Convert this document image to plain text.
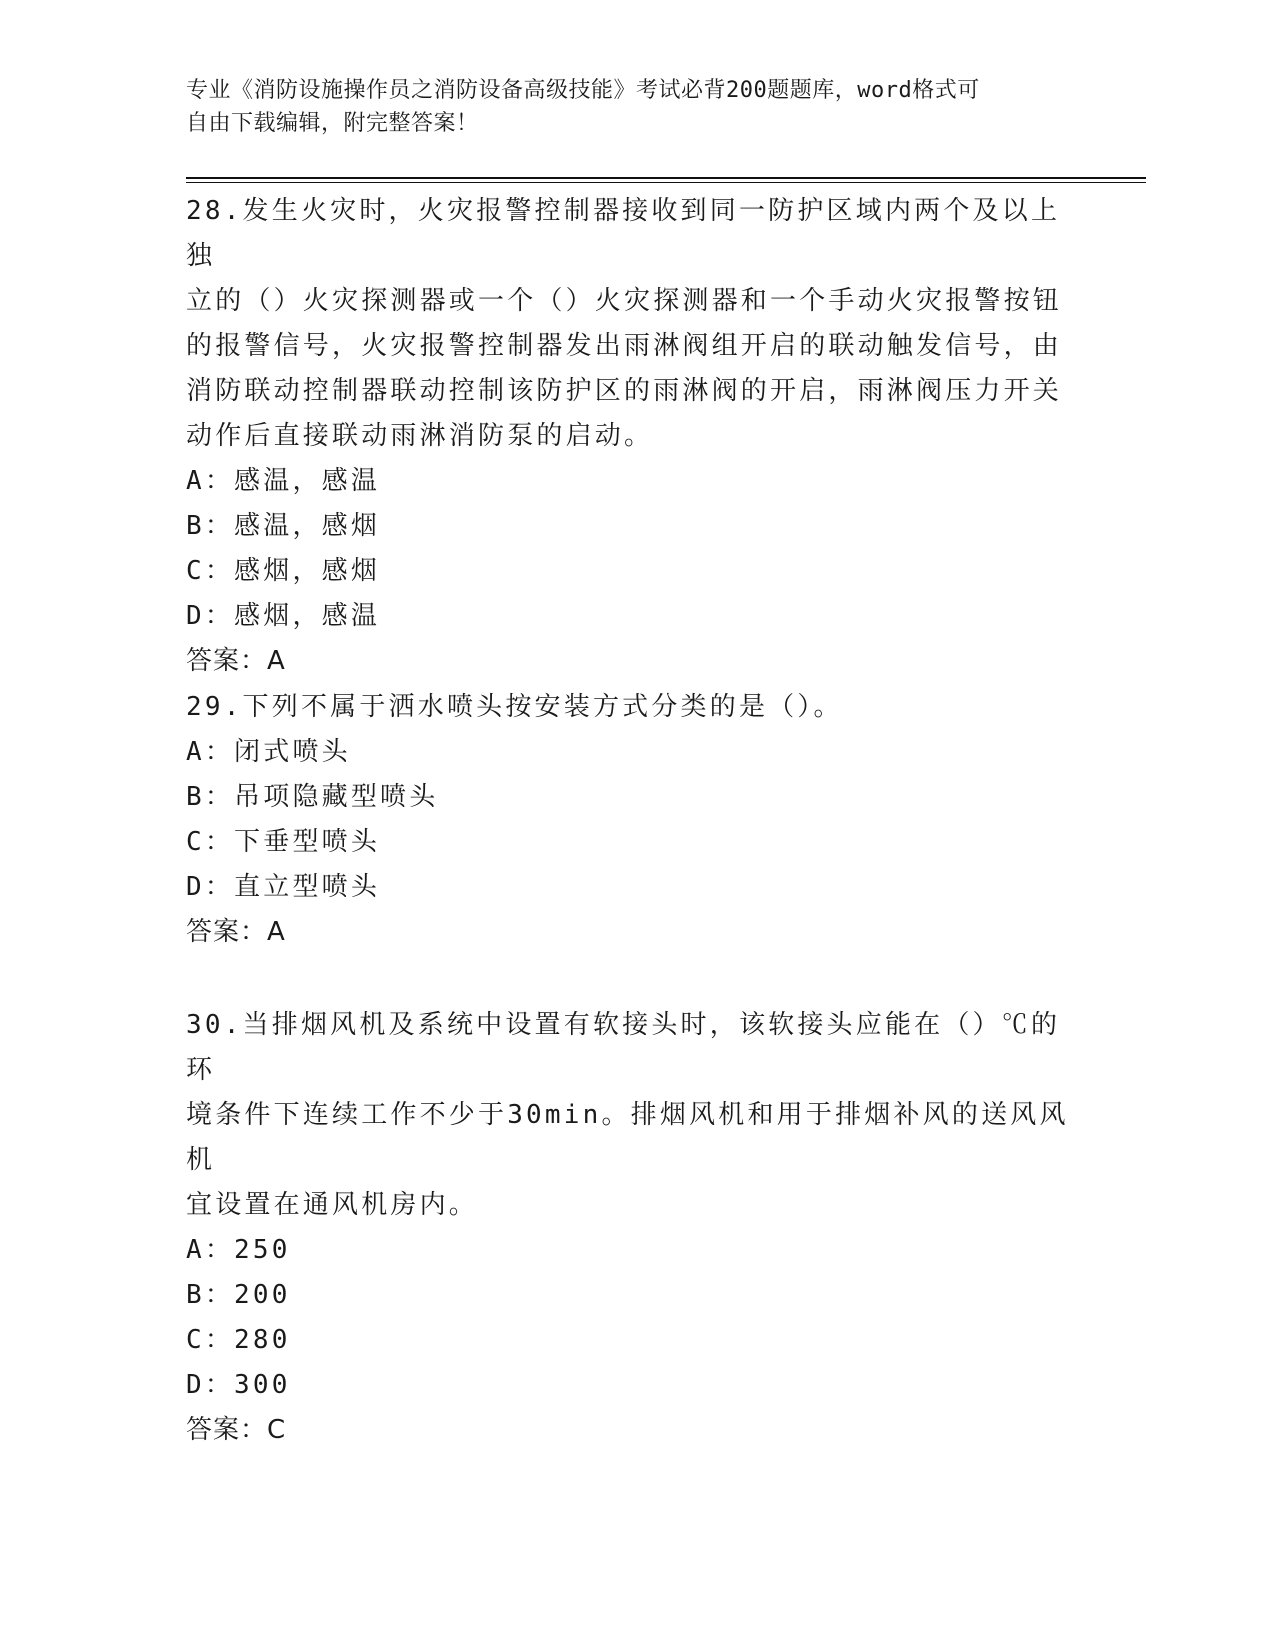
专业《消防设施操作员之消防设备高级技能》考试必背200题题库，word格式可
自由下载编辑，附完整答案！
28.发生火灾时，火灾报警控制器接收到同一防护区域内两个及以上独
立的（）火灾探测器或一个（）火灾探测器和一个手动火灾报警按钮
的报警信号，火灾报警控制器发出雨淋阀组开启的联动触发信号，由
消防联动控制器联动控制该防护区的雨淋阀的开启，雨淋阀压力开关
动作后直接联动雨淋消防泵的启动。
A：感温，感温
B：感温，感烟
C：感烟，感烟
D：感烟，感温
答案：A
29.下列不属于洒水喷头按安装方式分类的是（）。
A：闭式喷头
B：吊项隐藏型喷头
C：下垂型喷头
D：直立型喷头
答案：A
30.当排烟风机及系统中设置有软接头时，该软接头应能在（）℃的环
境条件下连续工作不少于30min。排烟风机和用于排烟补风的送风风机
宜设置在通风机房内。
A：250
B：200
C：280
D：300
答案：C
